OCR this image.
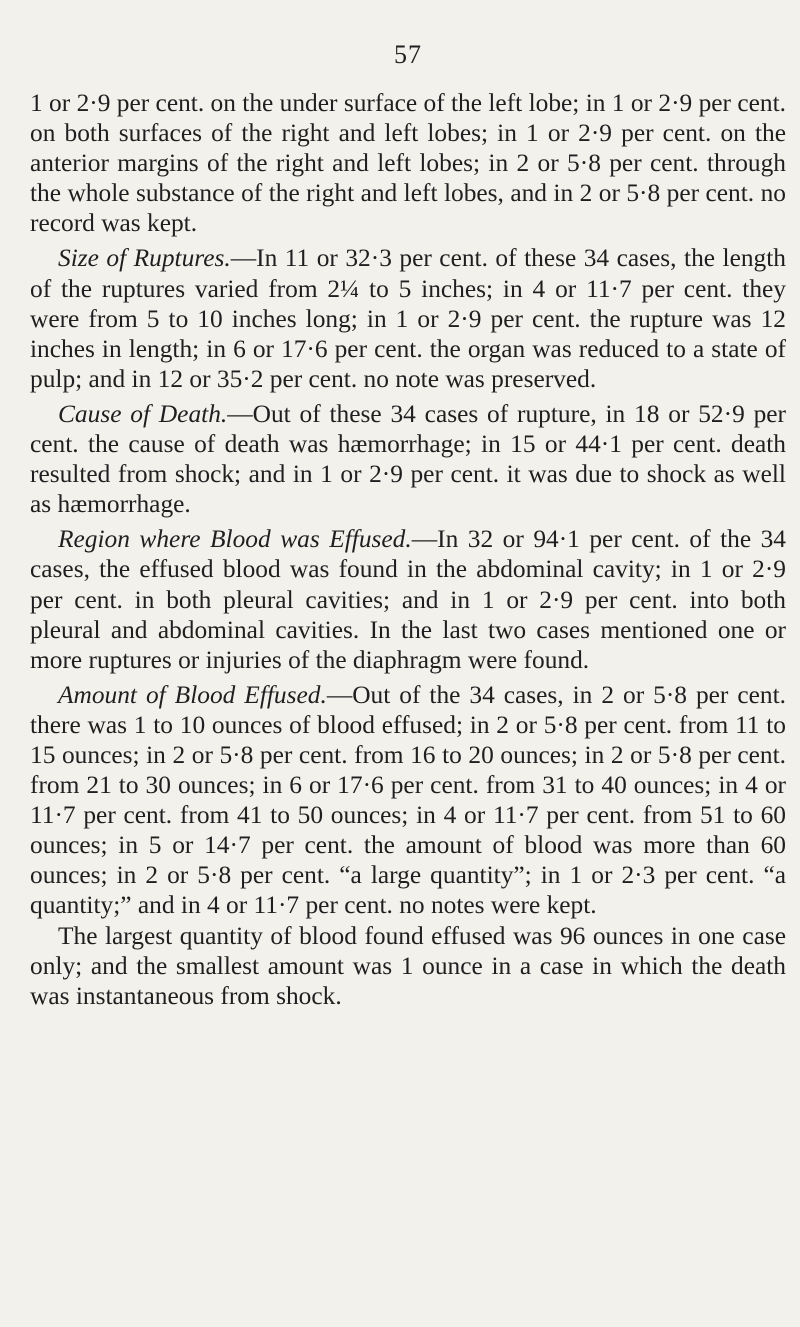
57

1 or 2·9 per cent. on the under surface of the left lobe; in 1 or 2·9 per cent. on both surfaces of the right and left lobes; in 1 or 2·9 per cent. on the anterior margins of the right and left lobes; in 2 or 5·8 per cent. through the whole substance of the right and left lobes, and in 2 or 5·8 per cent. no record was kept.

Size of Ruptures.—In 11 or 32·3 per cent. of these 34 cases, the length of the ruptures varied from 2¼ to 5 inches; in 4 or 11·7 per cent. they were from 5 to 10 inches long; in 1 or 2·9 per cent. the rupture was 12 inches in length; in 6 or 17·6 per cent. the organ was reduced to a state of pulp; and in 12 or 35·2 per cent. no note was preserved.

Cause of Death.—Out of these 34 cases of rupture, in 18 or 52·9 per cent. the cause of death was hæmorrhage; in 15 or 44·1 per cent. death resulted from shock; and in 1 or 2·9 per cent. it was due to shock as well as hæmorrhage.

Region where Blood was Effused.—In 32 or 94·1 per cent. of the 34 cases, the effused blood was found in the abdominal cavity; in 1 or 2·9 per cent. in both pleural cavities; and in 1 or 2·9 per cent. into both pleural and abdominal cavities. In the last two cases mentioned one or more ruptures or injuries of the diaphragm were found.

Amount of Blood Effused.—Out of the 34 cases, in 2 or 5·8 per cent. there was 1 to 10 ounces of blood effused; in 2 or 5·8 per cent. from 11 to 15 ounces; in 2 or 5·8 per cent. from 16 to 20 ounces; in 2 or 5·8 per cent. from 21 to 30 ounces; in 6 or 17·6 per cent. from 31 to 40 ounces; in 4 or 11·7 per cent. from 41 to 50 ounces; in 4 or 11·7 per cent. from 51 to 60 ounces; in 5 or 14·7 per cent. the amount of blood was more than 60 ounces; in 2 or 5·8 per cent. “a large quantity”; in 1 or 2·3 per cent. “a quantity;” and in 4 or 11·7 per cent. no notes were kept.

The largest quantity of blood found effused was 96 ounces in one case only; and the smallest amount was 1 ounce in a case in which the death was instantaneous from shock.
